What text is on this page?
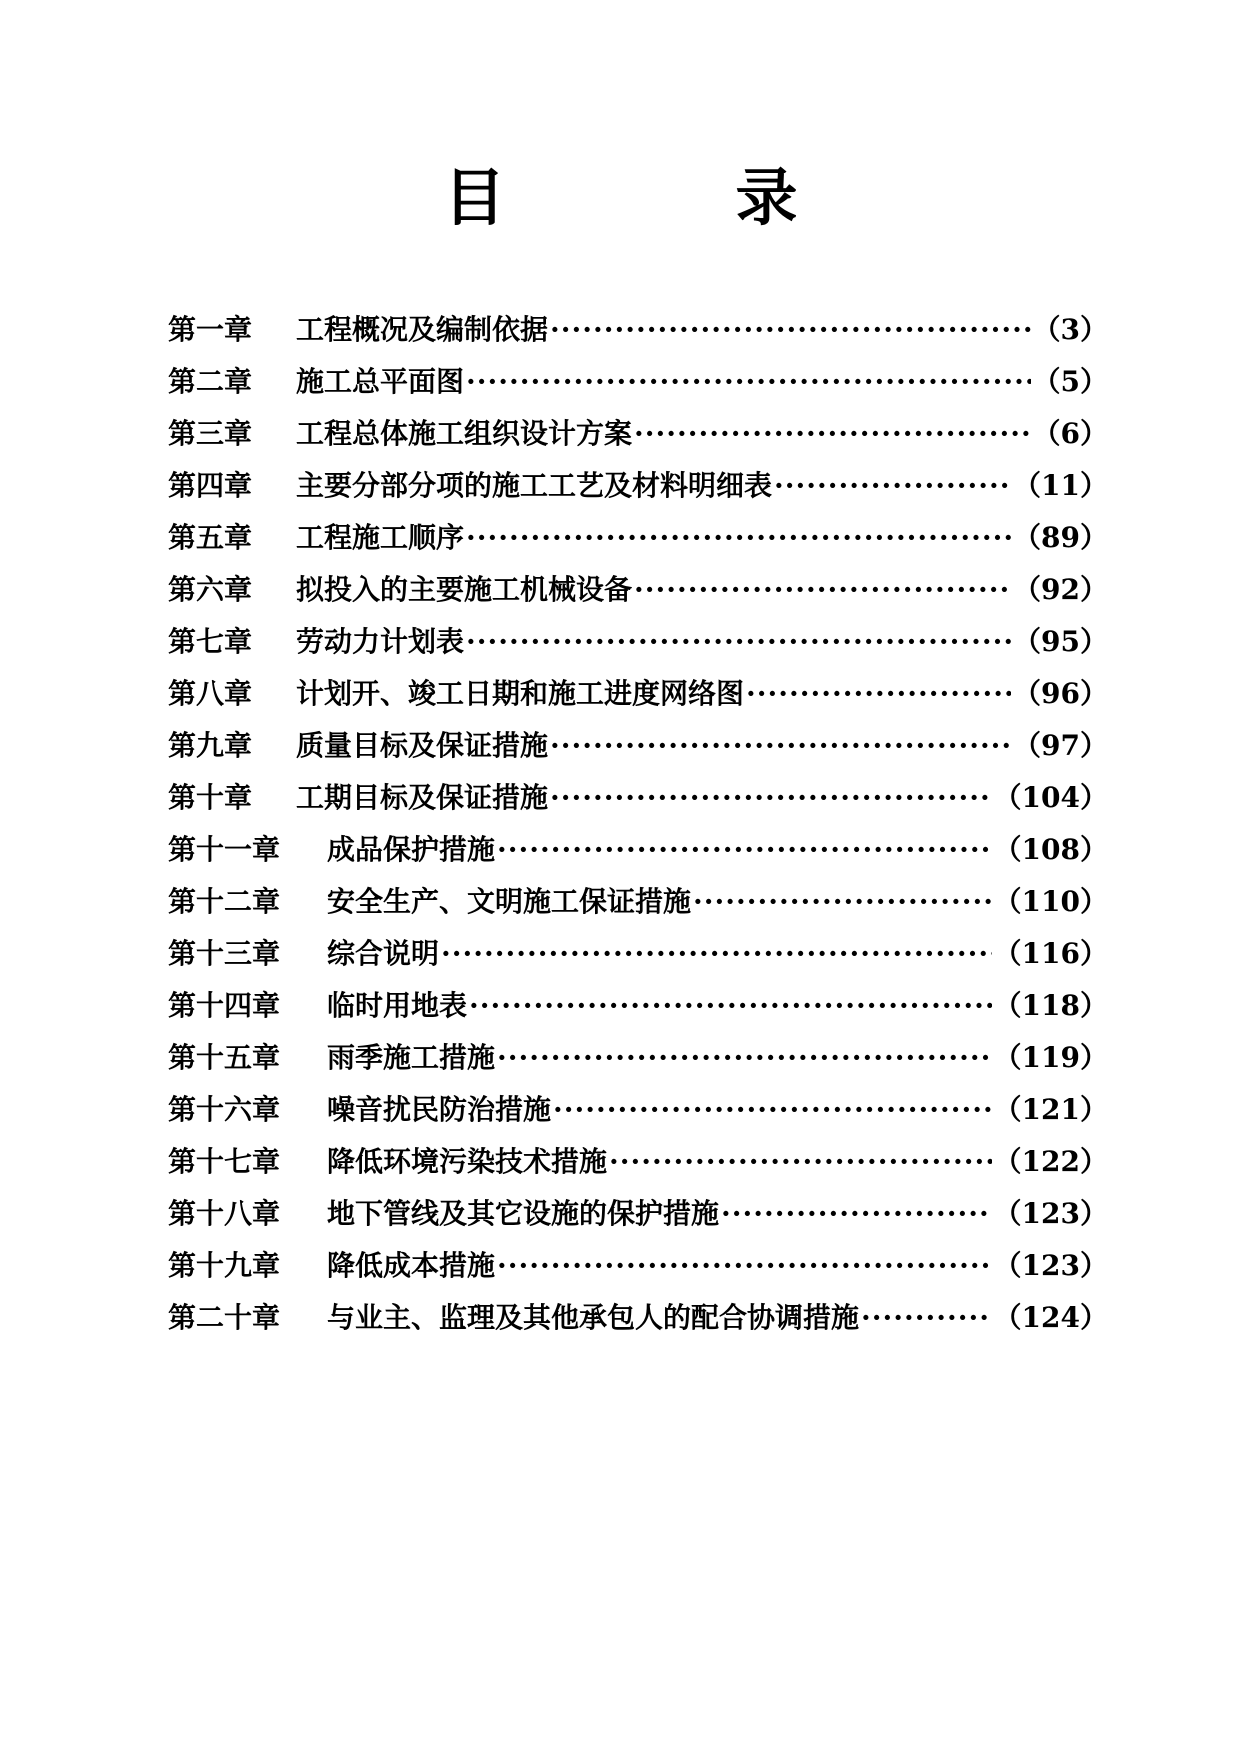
目　录
第一章	工程概况及编制依据 ·····	（3）
第二章	施工总平面图 ·····	（5）
第三章	工程总体施工组织设计方案 ·····	（6）
第四章	主要分部分项的施工工艺及材料明细表 ·····	（11）
第五章	工程施工顺序 ·····	（89）
第六章	拟投入的主要施工机械设备 ·····	（92）
第七章	劳动力计划表 ·····	（95）
第八章	计划开、竣工日期和施工进度网络图 ·····	（96）
第九章	质量目标及保证措施 ·····	（97）
第十章	工期目标及保证措施 ·····	（104）
第十一章	成品保护措施 ·····	（108）
第十二章	安全生产、文明施工保证措施 ·····	（110）
第十三章	综合说明 ·····	（116）
第十四章	临时用地表 ·····	（118）
第十五章	雨季施工措施 ·····	（119）
第十六章	噪音扰民防治措施 ·····	（121）
第十七章	降低环境污染技术措施 ·····	（122）
第十八章	地下管线及其它设施的保护措施 ·····	（123）
第十九章	降低成本措施 ·····	（123）
第二十章	与业主、监理及其他承包人的配合协调措施 ·····	（124）
